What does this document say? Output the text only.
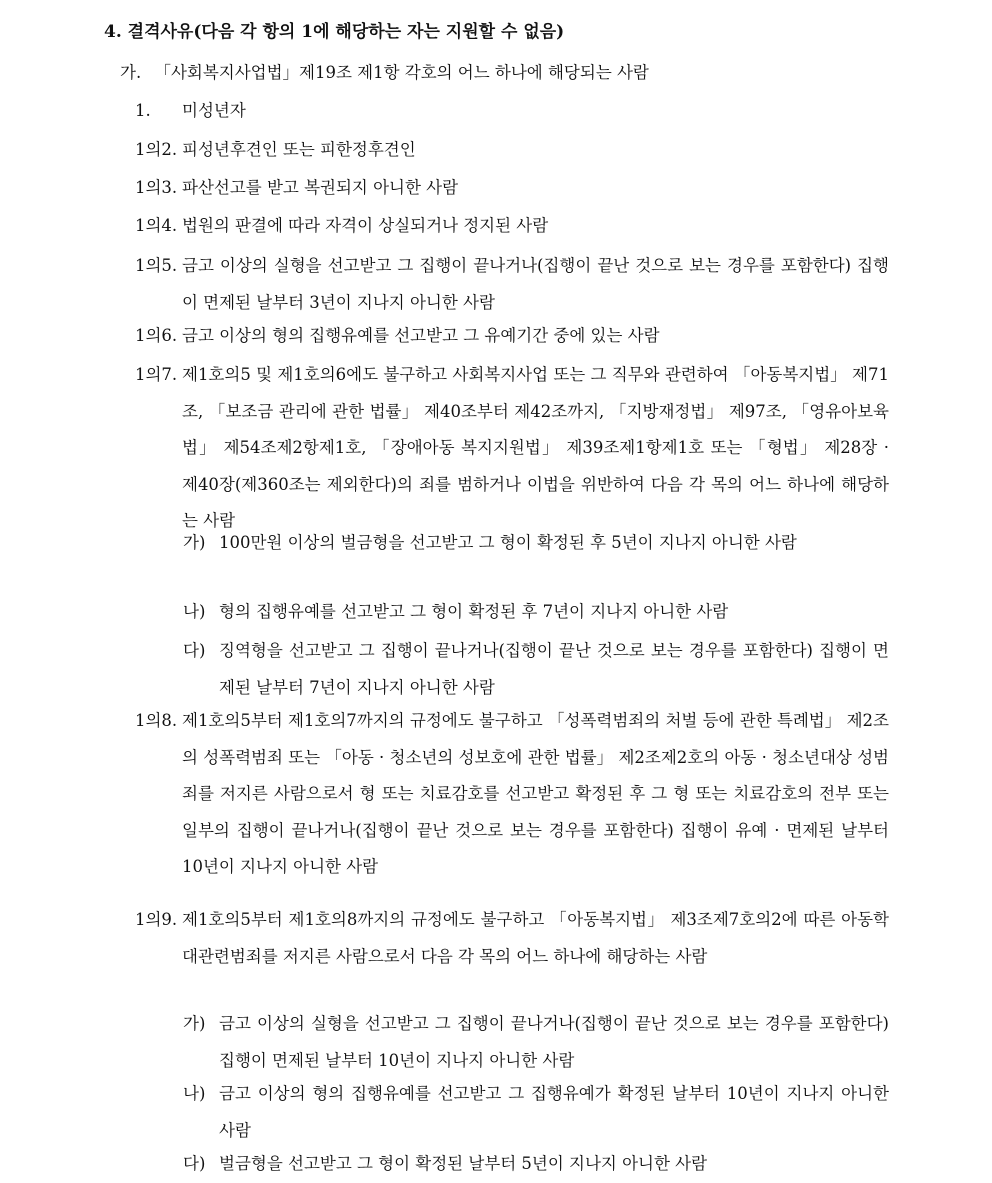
4. 결격사유(다음 각 항의 1에 해당하는 자는 지원할 수 없음)
가. 「사회복지사업법」제19조 제1항 각호의 어느 하나에 해당되는 사람
1.	미성년자
1의2. 피성년후견인 또는 피한정후견인
1의3. 파산선고를 받고 복권되지 아니한 사람
1의4. 법원의 판결에 따라 자격이 상실되거나 정지된 사람
1의5. 금고 이상의 실형을 선고받고 그 집행이 끝나거나(집행이 끝난 것으로 보는 경우를 포함한다) 집행이 면제된 날부터 3년이 지나지 아니한 사람
1의6. 금고 이상의 형의 집행유예를 선고받고 그 유예기간 중에 있는 사람
1의7. 제1호의5 및 제1호의6에도 불구하고 사회복지사업 또는 그 직무와 관련하여 「아동복지법」 제71조, 「보조금 관리에 관한 법률」 제40조부터 제42조까지, 「지방재정법」 제97조, 「영유아보육법」 제54조제2항제1호, 「장애아동 복지지원법」 제39조제1항제1호 또는 「형법」 제28장 · 제40장(제360조는 제외한다)의 죄를 범하거나 이법을 위반하여 다음 각 목의 어느 하나에 해당하는 사람
가) 100만원 이상의 벌금형을 선고받고 그 형이 확정된 후 5년이 지나지 아니한 사람
나) 형의 집행유예를 선고받고 그 형이 확정된 후 7년이 지나지 아니한 사람
다) 징역형을 선고받고 그 집행이 끝나거나(집행이 끝난 것으로 보는 경우를 포함한다) 집행이 면제된 날부터 7년이 지나지 아니한 사람
1의8. 제1호의5부터 제1호의7까지의 규정에도 불구하고 「성폭력범죄의 처벌 등에 관한 특례법」 제2조의 성폭력범죄 또는 「아동 · 청소년의 성보호에 관한 법률」 제2조제2호의 아동 · 청소년대상 성범죄를 저지른 사람으로서 형 또는 치료감호를 선고받고 확정된 후 그 형 또는 치료감호의 전부 또는 일부의 집행이 끝나거나(집행이 끝난 것으로 보는 경우를 포함한다) 집행이 유예 · 면제된 날부터 10년이 지나지 아니한 사람
1의9. 제1호의5부터 제1호의8까지의 규정에도 불구하고 「아동복지법」 제3조제7호의2에 따른 아동학대관련범죄를 저지른 사람으로서 다음 각 목의 어느 하나에 해당하는 사람
가) 금고 이상의 실형을 선고받고 그 집행이 끝나거나(집행이 끝난 것으로 보는 경우를 포함한다) 집행이 면제된 날부터 10년이 지나지 아니한 사람
나) 금고 이상의 형의 집행유예를 선고받고 그 집행유예가 확정된 날부터 10년이 지나지 아니한 사람
다) 벌금형을 선고받고 그 형이 확정된 날부터 5년이 지나지 아니한 사람
